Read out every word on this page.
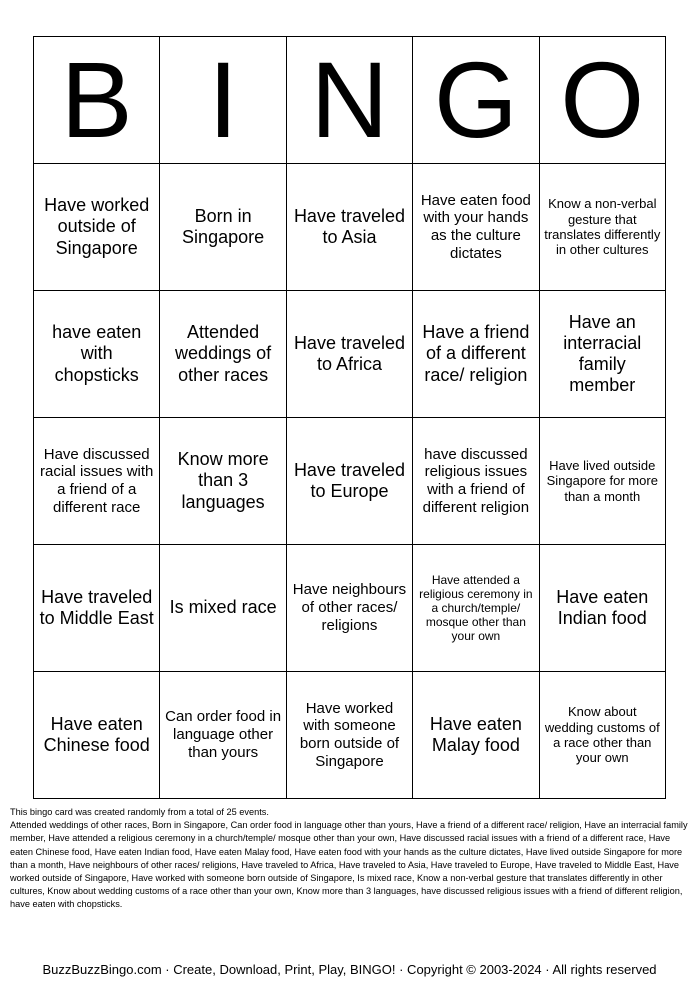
B	I	N	G	O
Have worked outside of Singapore	Born in Singapore	Have traveled to Asia	Have eaten food with your hands as the culture dictates	Know a non-verbal gesture that translates differently in other cultures
have eaten with chopsticks	Attended weddings of other races	Have traveled to Africa	Have a friend of a different race/ religion	Have an interracial family member
Have discussed racial issues with a friend of a different race	Know more than 3 languages	Have traveled to Europe	have discussed religious issues with a friend of different religion	Have lived outside Singapore for more than a month
Have traveled to Middle East	Is mixed race	Have neighbours of other races/ religions	Have attended a religious ceremony in a church/temple/ mosque other than your own	Have eaten Indian food
Have eaten Chinese food	Can order food in language other than yours	Have worked with someone born outside of Singapore	Have eaten Malay food	Know about wedding customs of a race other than your own

This bingo card was created randomly from a total of 25 events.

Attended weddings of other races, Born in Singapore, Can order food in language other than yours, Have a friend of a different race/ religion, Have an interracial family member, Have attended a religious ceremony in a church/temple/ mosque other than your own, Have discussed racial issues with a friend of a different race, Have eaten Chinese food, Have eaten Indian food, Have eaten Malay food, Have eaten food with your hands as the culture dictates, Have lived outside Singapore for more than a month, Have neighbours of other races/ religions, Have traveled to Africa, Have traveled to Asia, Have traveled to Europe, Have traveled to Middle East, Have worked outside of Singapore, Have worked with someone born outside of Singapore, Is mixed race, Know a non-verbal gesture that translates differently in other cultures, Know about wedding customs of a race other than your own, Know more than 3 languages, have discussed religious issues with a friend of different religion, have eaten with chopsticks.

BuzzBuzzBingo.com · Create, Download, Print, Play, BINGO! · Copyright © 2003-2024 · All rights reserved
